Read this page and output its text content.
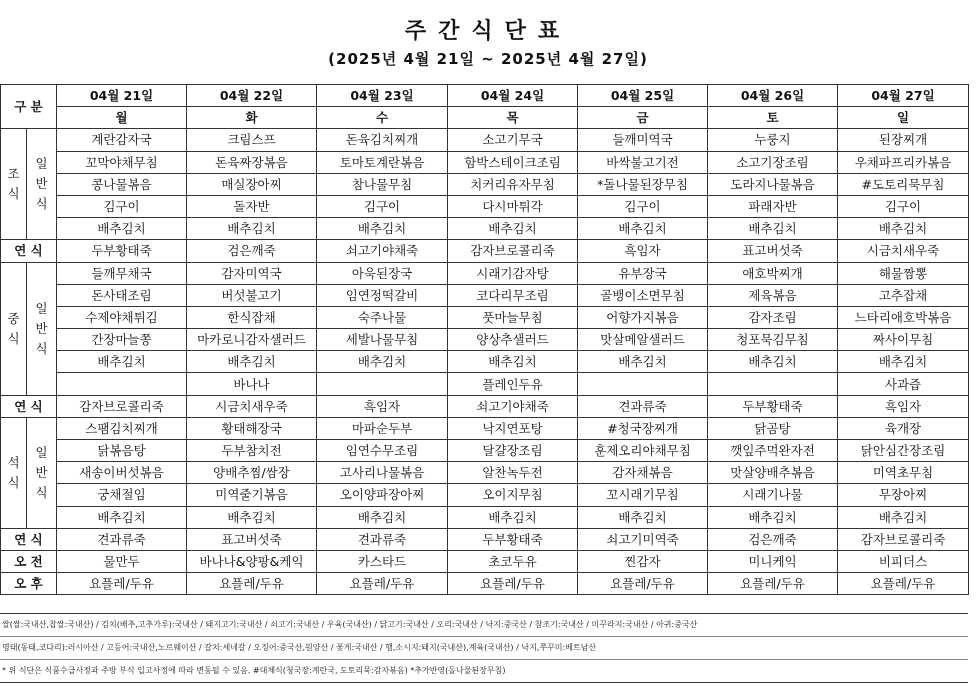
주간식단표
(2025년 4월 21일 ~ 2025년 4월 27일)
구 분		04월 21일	04월 22일	04월 23일	04월 24일	04월 25일	04월 26일	04월 27일
		월	화	수	목	금	토	일
조
식	일
반
식	계란감자국	크림스프	돈육김치찌개	소고기무국	들깨미역국	누룽지	된장찌개
		꼬막야채무침	돈육짜장볶음	토마토계란볶음	함박스테이크조림	바싹불고기전	소고기장조림	우채파프리카볶음
		콩나물볶음	매실장아찌	참나물무침	치커리유자무침	*돌나물된장무침	도라지나물볶음	#도토리묵무침
		김구이	돌자반	김구이	다시마튀각	김구이	파래자반	김구이
		배추김치	배추김치	배추김치	배추김치	배추김치	배추김치	배추김치
연 식		두부황태죽	검은깨죽	쇠고기야채죽	감자브로콜리죽	흑임자	표고버섯죽	시금치새우죽
중
식	일
반
식	들깨무채국	감자미역국	아욱된장국	시래기감자탕	유부장국	애호박찌개	해물짬뽕
		돈사태조림	버섯불고기	임연정떡갈비	코다리무조림	골뱅이소면무침	제육볶음	고추잡채
		수제야채튀김	한식잡채	숙주나물	풋마늘무침	어향가지볶음	감자조림	느타리애호박볶음
		간장마늘쫑	마카로니감자샐러드	세발나물무침	양상추샐러드	맛살메알샐러드	청포묵김무침	짜사이무침
		배추김치	배추김치	배추김치	배추김치	배추김치	배추김치	배추김치
			바나나		플레인두유			사과즙
연 식		감자브로콜리죽	시금치새우죽	흑임자	쇠고기야채죽	견과류죽	두부황태죽	흑임자
석
식	일
반
식	스팸김치찌개	황태해장국	마파순두부	낙지연포탕	#청국장찌개	닭곰탕	육개장
		닭볶음탕	두부참치전	임연수무조림	달걀장조림	훈제오리야채무침	깻잎주먹완자전	닭안심간장조림
		새송이버섯볶음	양배추찜/쌈장	고사리나물볶음	알찬녹두전	감자채볶음	맛살양배추볶음	미역초무침
		궁채절임	미역줄기볶음	오이양파장아찌	오이지무침	꼬시래기무침	시래기나물	무장아찌
		배추김치	배추김치	배추김치	배추김치	배추김치	배추김치	배추김치
연 식		견과류죽	표고버섯죽	견과류죽	두부황태죽	쇠고기미역죽	검은깨죽	감자브로콜리죽
오 전		물만두	바나나&양팡&케익	카스타드	초코두유	찐감자	미니케익	비피더스
오 후		요플레/두유	요플레/두유	요플레/두유	요플레/두유	요플레/두유	요플레/두유	요플레/두유
쌀(쌀:국내산,찹쌀:국내산) / 김치(배추,고추가루):국내산 / 돼지고기:국내산 / 쇠고기:국내산 / 우육(국내산) / 닭고기:국내산 / 오리:국내산 / 낙지:중국산 / 참조기:국내산 / 미꾸라지:국내산 / 아귀:중국산
명태(동태,코다리):러시아산 / 고등어:국내산,노르웨이산 / 갈치:세네갈 / 오징어:중국산,원양산 / 꽃게:국내산 / 햄,소시지:돼지(국내산),계육(국내산) / 낙지,쭈꾸미:베트남산
* 위 식단은 식품수급사정과 주방 부식 입고사정에 따라 변동될 수 있음. #대체식(청국장:계란국, 도토리묵:감자볶음) *추가반영(돌나물된장무침)
